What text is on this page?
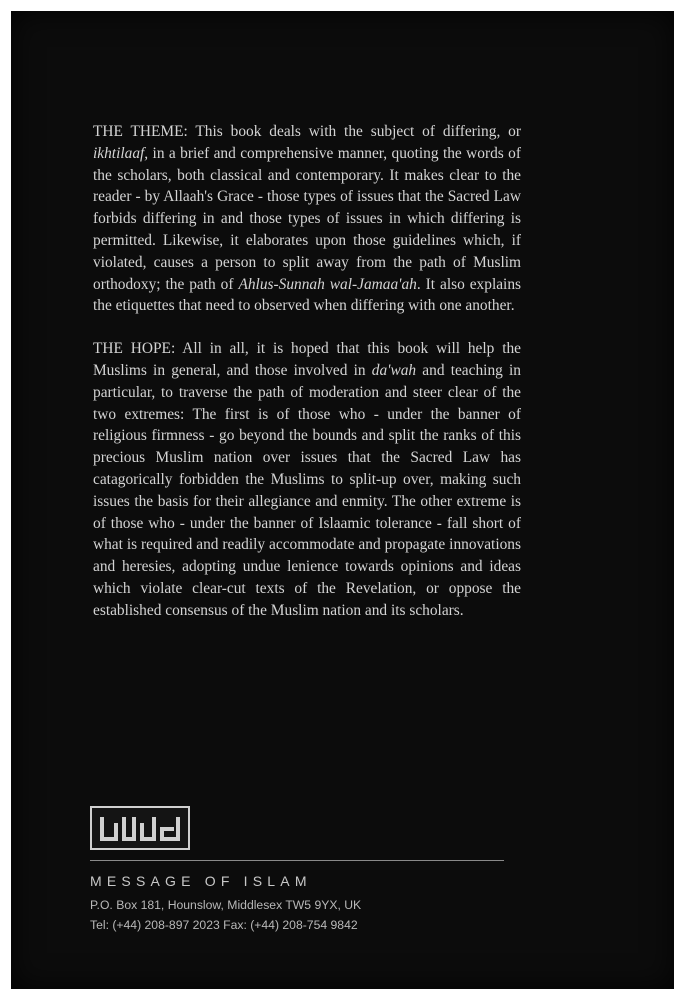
THE THEME: This book deals with the subject of differing, or ikhtilaaf, in a brief and comprehensive manner, quoting the words of the scholars, both classical and contemporary. It makes clear to the reader - by Allaah's Grace - those types of issues that the Sacred Law forbids differing in and those types of issues in which differing is permitted. Likewise, it elaborates upon those guidelines which, if violated, causes a person to split away from the path of Muslim orthodoxy; the path of Ahlus-Sunnah wal-Jamaa'ah. It also explains the etiquettes that need to observed when differing with one another.

THE HOPE: All in all, it is hoped that this book will help the Muslims in general, and those involved in da'wah and teaching in particular, to traverse the path of moderation and steer clear of the two extremes: The first is of those who - under the banner of religious firmness - go beyond the bounds and split the ranks of this precious Muslim nation over issues that the Sacred Law has catagorically forbidden the Muslims to split-up over, making such issues the basis for their allegiance and enmity. The other extreme is of those who - under the banner of Islaamic tolerance - fall short of what is required and readily accommodate and propagate innovations and heresies, adopting undue lenience towards opinions and ideas which violate clear-cut texts of the Revelation, or oppose the established consensus of the Muslim nation and its scholars.

MESSAGE OF ISLAM
P.O. Box 181, Hounslow, Middlesex TW5 9YX, UK
Tel: (+44) 208-897 2023 Fax: (+44) 208-754 9842
